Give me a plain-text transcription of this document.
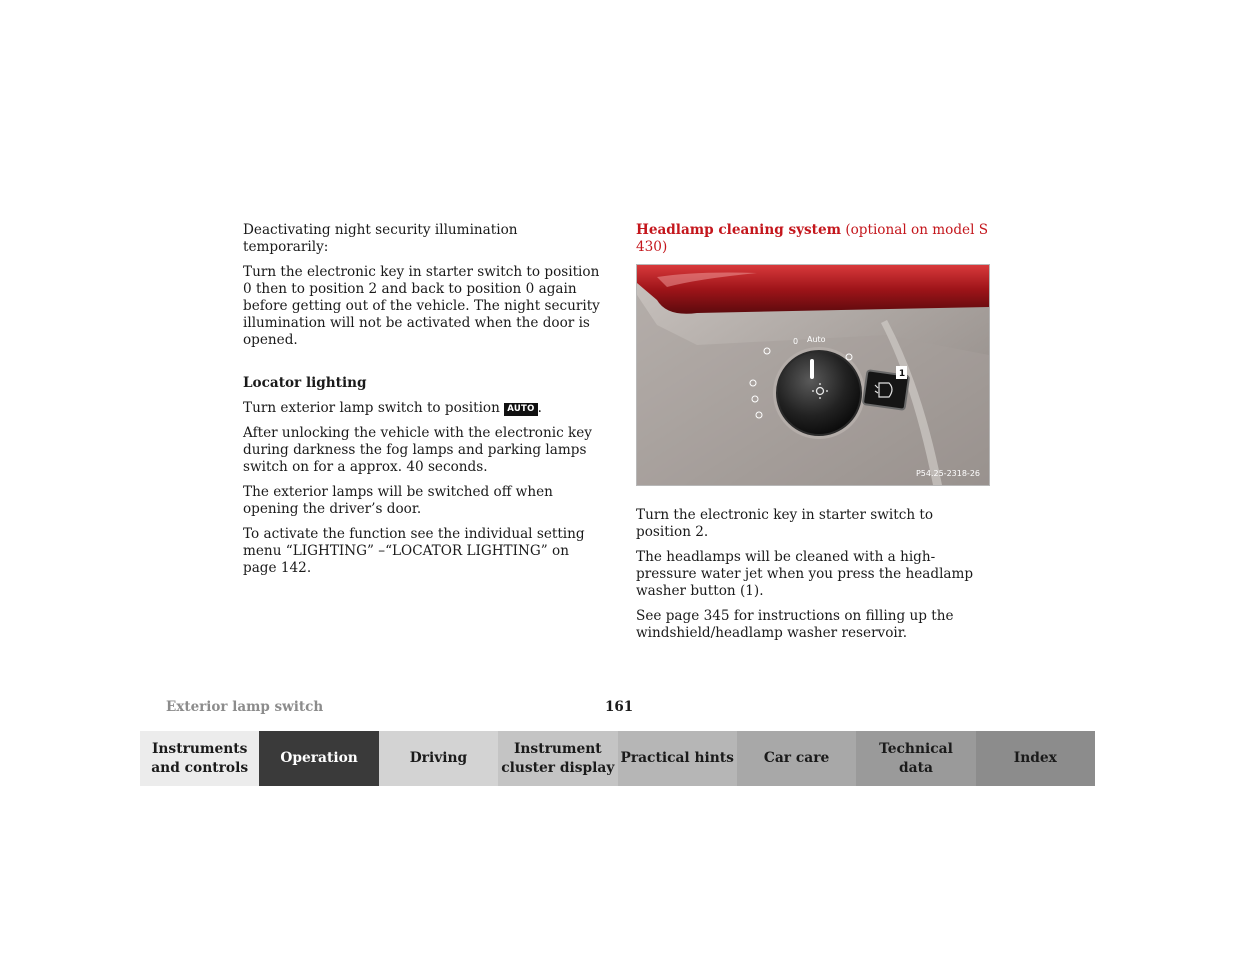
Deactivating night security illumination temporarily:

Turn the electronic key in starter switch to position 0 then to position 2 and back to position 0 again before getting out of the vehicle. The night security illumination will not be activated when the door is opened.

Locator lighting

Turn exterior lamp switch to position AUTO .

After unlocking the vehicle with the electronic key during darkness the fog lamps and parking lamps switch on for a approx. 40 seconds.

The exterior lamps will be switched off when opening the driver’s door.

To activate the function see the individual setting menu “LIGHTING” –“LOCATOR LIGHTING” on page 142.

Headlamp cleaning system (optional on model S 430)

0 Auto
1
P54.25-2318-26

Turn the electronic key in starter switch to position 2.

The headlamps will be cleaned with a high-pressure water jet when you press the headlamp washer button (1).

See page 345 for instructions on filling up the windshield/headlamp washer reservoir.

Exterior lamp switch	161
Instruments
and controls
Operation	Driving
Instrument
cluster display
Practical hints	Car care
Technical
data
Index
